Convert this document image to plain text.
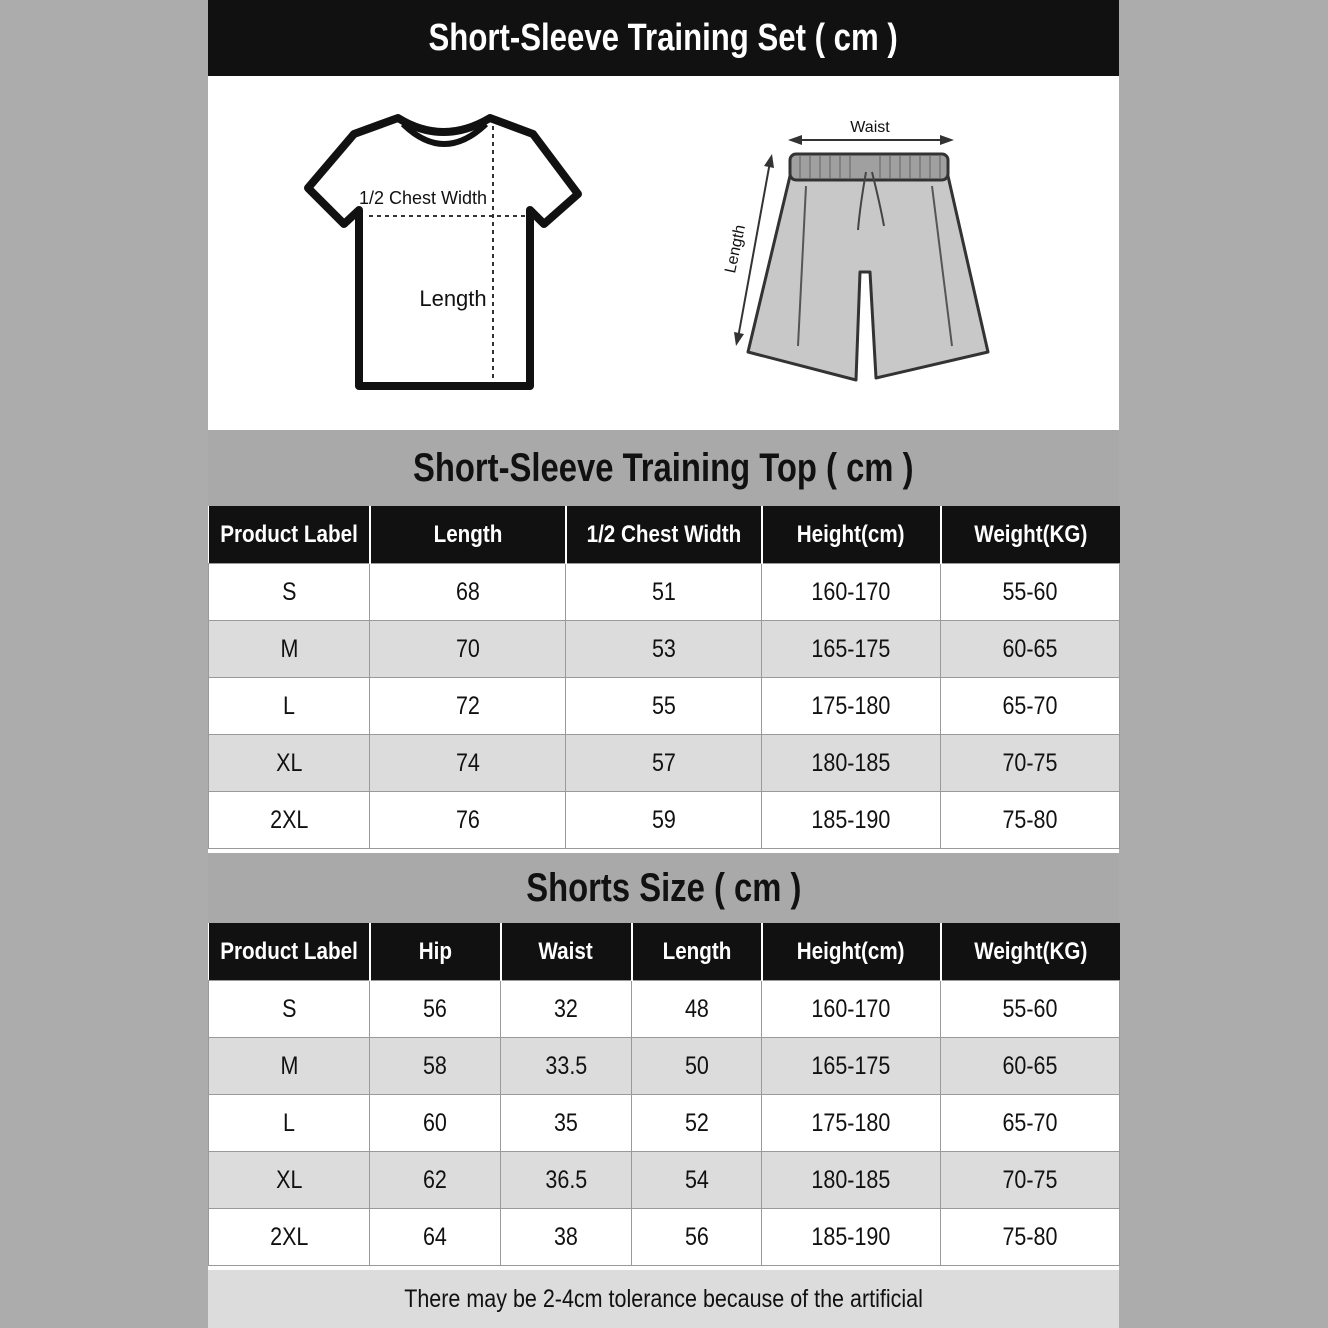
Short-Sleeve Training Set ( cm )
1/2 Chest Width
Length
Waist
Length
Short-Sleeve Training Top ( cm )
Product Label	Length	1/2 Chest Width	Height(cm)	Weight(KG)
S	68	51	160-170	55-60
M	70	53	165-175	60-65
L	72	55	175-180	65-70
XL	74	57	180-185	70-75
2XL	76	59	185-190	75-80
Shorts Size ( cm )
Product Label	Hip	Waist	Length	Height(cm)	Weight(KG)
S	56	32	48	160-170	55-60
M	58	33.5	50	165-175	60-65
L	60	35	52	175-180	65-70
XL	62	36.5	54	180-185	70-75
2XL	64	38	56	185-190	75-80
There may be 2-4cm tolerance because of the artificial
